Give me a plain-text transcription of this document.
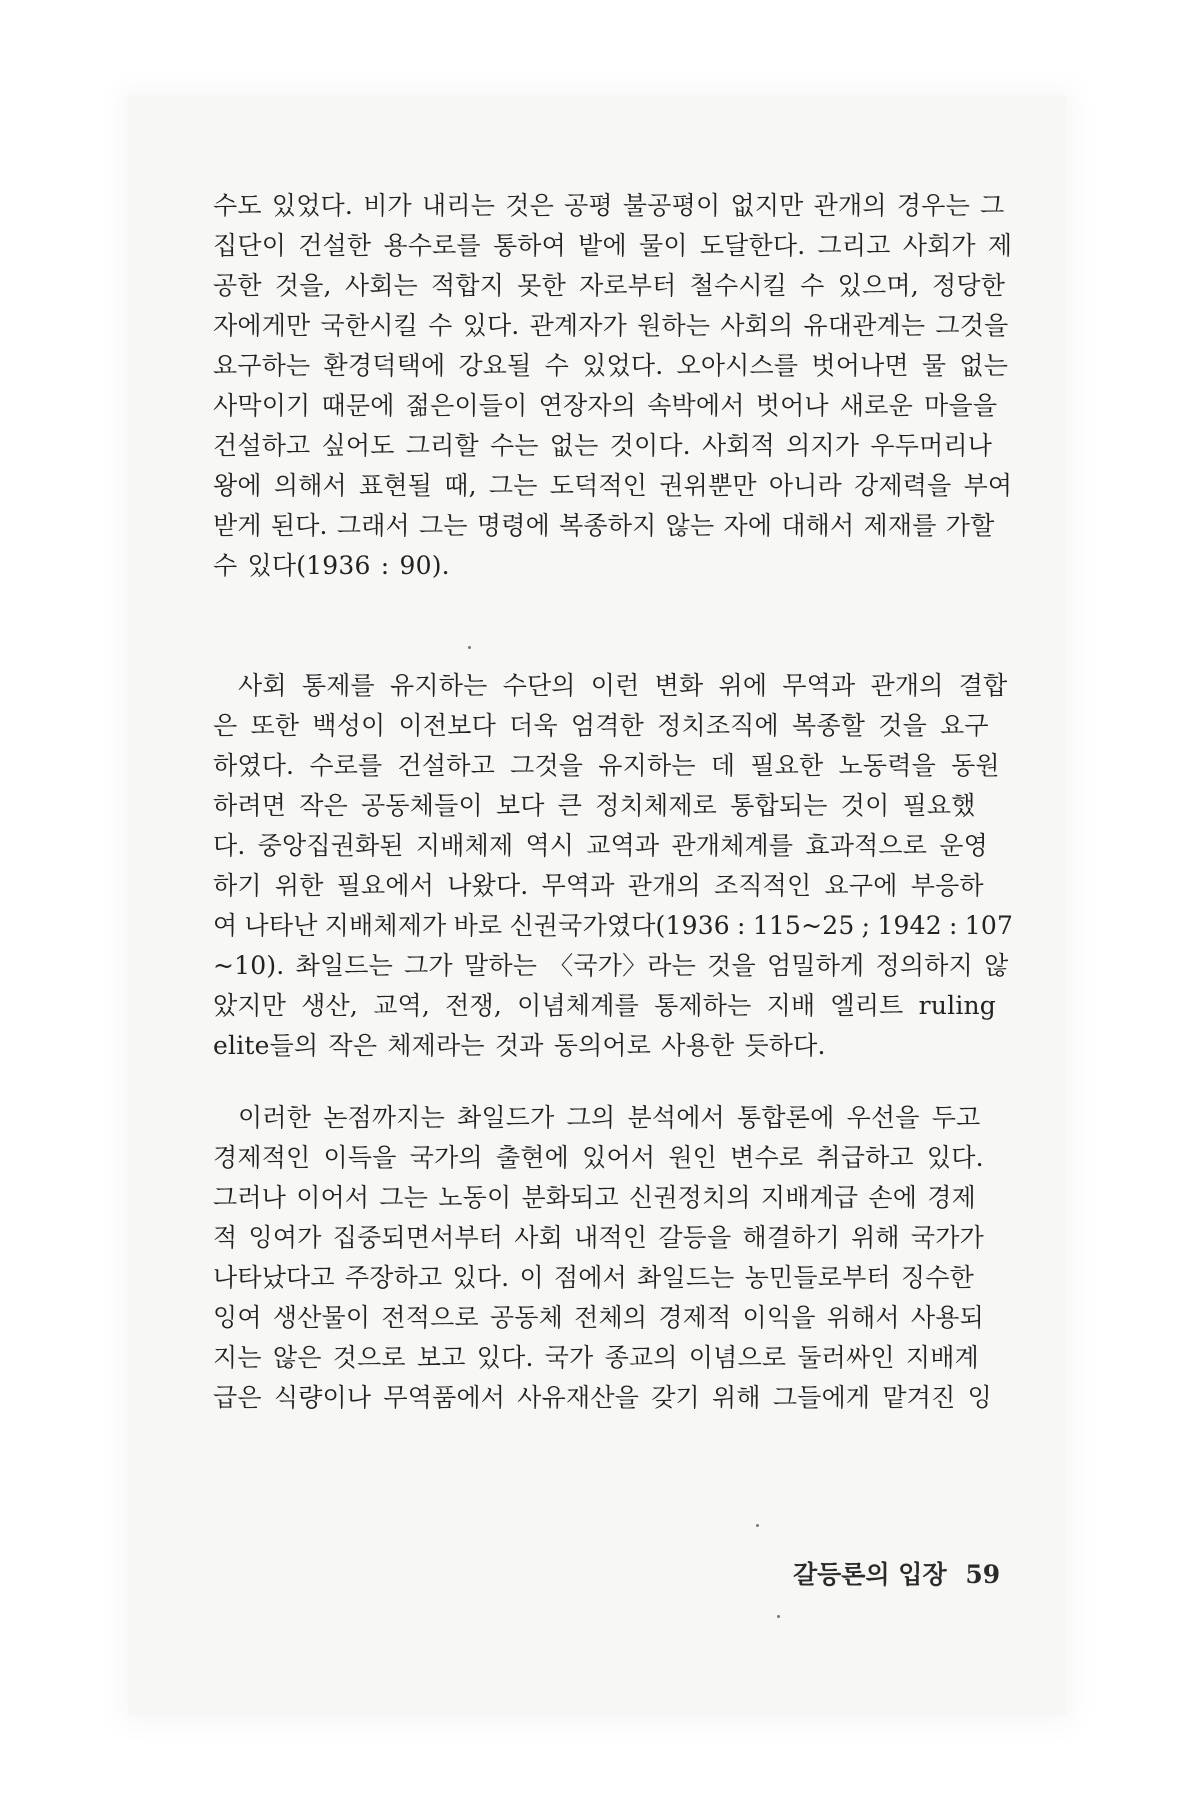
수도 있었다. 비가 내리는 것은 공평 불공평이 없지만 관개의 경우는 그
집단이 건설한 용수로를 통하여 밭에 물이 도달한다. 그리고 사회가 제
공한 것을, 사회는 적합지 못한 자로부터 철수시킬 수 있으며, 정당한
자에게만 국한시킬 수 있다. 관계자가 원하는 사회의 유대관계는 그것을
요구하는 환경덕택에 강요될 수 있었다. 오아시스를 벗어나면 물 없는
사막이기 때문에 젊은이들이 연장자의 속박에서 벗어나 새로운 마을을
건설하고 싶어도 그리할 수는 없는 것이다. 사회적 의지가 우두머리나
왕에 의해서 표현될 때, 그는 도덕적인 권위뿐만 아니라 강제력을 부여
받게 된다. 그래서 그는 명령에 복종하지 않는 자에 대해서 제재를 가할
수 있다(1936 : 90).
사회 통제를 유지하는 수단의 이런 변화 위에 무역과 관개의 결합
은 또한 백성이 이전보다 더욱 엄격한 정치조직에 복종할 것을 요구
하였다. 수로를 건설하고 그것을 유지하는 데 필요한 노동력을 동원
하려면 작은 공동체들이 보다 큰 정치체제로 통합되는 것이 필요했
다. 중앙집권화된 지배체제 역시 교역과 관개체계를 효과적으로 운영
하기 위한 필요에서 나왔다. 무역과 관개의 조직적인 요구에 부응하
여 나타난 지배체제가 바로 신권국가였다(1936 : 115~25 ; 1942 : 107
~10). 촤일드는 그가 말하는 〈국가〉라는 것을 엄밀하게 정의하지 않
았지만 생산, 교역, 전쟁, 이념체계를 통제하는 지배 엘리트 ruling
elite들의 작은 체제라는 것과 동의어로 사용한 듯하다.
이러한 논점까지는 촤일드가 그의 분석에서 통합론에 우선을 두고
경제적인 이득을 국가의 출현에 있어서 원인 변수로 취급하고 있다.
그러나 이어서 그는 노동이 분화되고 신권정치의 지배계급 손에 경제
적 잉여가 집중되면서부터 사회 내적인 갈등을 해결하기 위해 국가가
나타났다고 주장하고 있다. 이 점에서 촤일드는 농민들로부터 징수한
잉여 생산물이 전적으로 공동체 전체의 경제적 이익을 위해서 사용되
지는 않은 것으로 보고 있다. 국가 종교의 이념으로 둘러싸인 지배계
급은 식량이나 무역품에서 사유재산을 갖기 위해 그들에게 맡겨진 잉
갈등론의 입장 59
